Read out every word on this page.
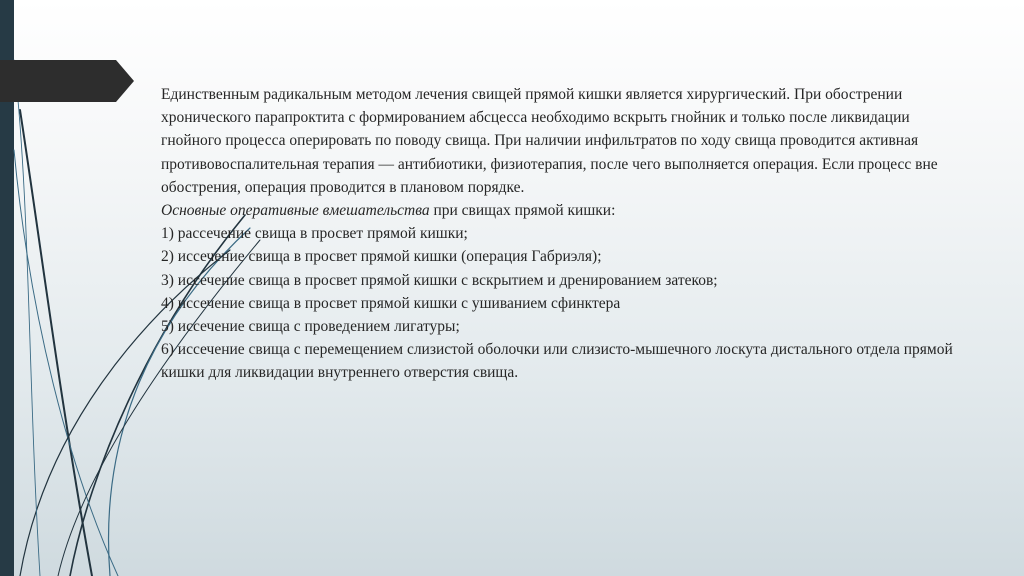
Единственным радикальным методом лечения свищей прямой кишки является хирургический. При обострении хронического парапроктита с формированием абсцесса необходимо вскрыть гнойник и только после ликвидации гнойного процесса оперировать по поводу свища. При наличии инфильтратов по ходу свища проводится активная противовоспалительная терапия — антибиотики, физиотерапия, после чего выполняется операция. Если процесс вне обострения, операция проводится в плановом порядке.

Основные оперативные вмешательства при свищах прямой кишки:

1) рассечение свища в просвет прямой кишки;

2) иссечение свища в просвет прямой кишки (операция Габриэля);

3) иссечение свища в просвет прямой кишки с вскрытием и дренированием затеков;

4) иссечение свища в просвет прямой кишки с ушиванием сфинктера

5) иссечение свища с проведением лигатуры;

6) иссечение свища с перемещением слизистой оболочки или слизисто-мышечного лоскута дистального отдела прямой кишки для ликвидации внутреннего отверстия свища.
